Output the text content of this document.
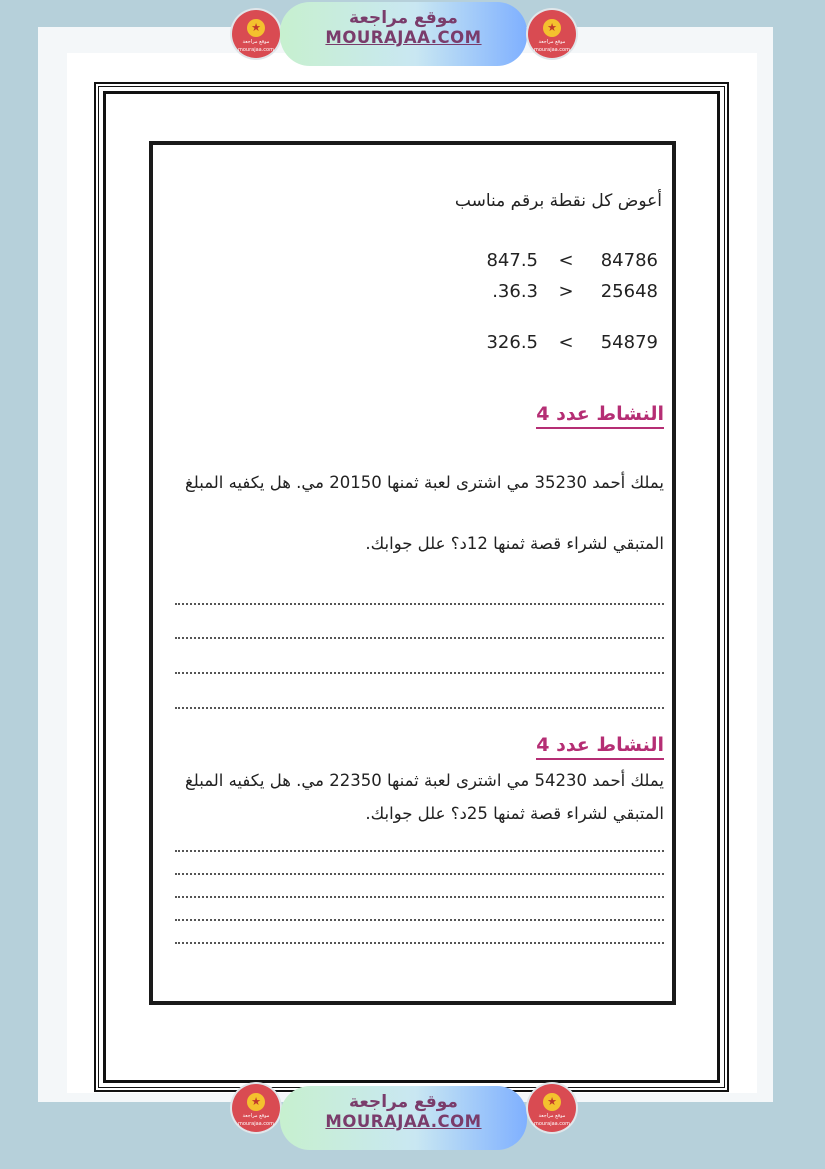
★
موقع مراجعة
mourajaa.com
موقع مراجعة
MOURAJAA.COM
★
موقع مراجعة
mourajaa.com
أعوض كل نقطة برقم مناسب
847.5 <	84786
.36.3 >	25648
326.5 <	54879
النشاط عدد 4
يملك أحمد 35230 مي اشترى لعبة ثمنها 20150 مي. هل يكفيه المبلغ
المتبقي لشراء قصة ثمنها 12د؟ علل جوابك.
النشاط عدد 4
يملك أحمد 54230 مي اشترى لعبة ثمنها 22350 مي. هل يكفيه المبلغ
المتبقي لشراء قصة ثمنها 25د؟ علل جوابك.
★
موقع مراجعة
mourajaa.com
موقع مراجعة
MOURAJAA.COM
★
موقع مراجعة
mourajaa.com
